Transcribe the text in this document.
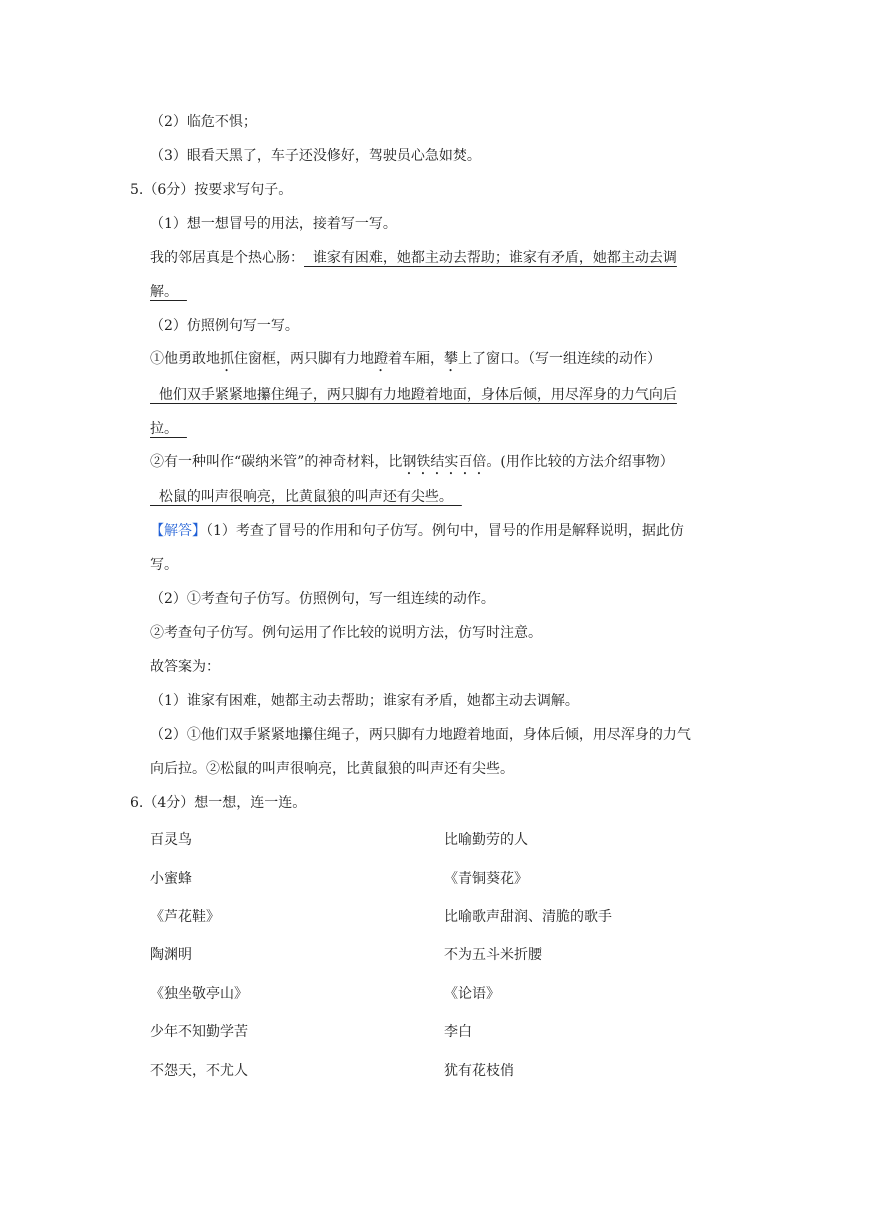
（2）临危不惧；
（3）眼看天黑了，车子还没修好，驾驶员心急如焚。
5.（6分）按要求写句子。
（1）想一想冒号的用法，接着写一写。
我的邻居真是个热心肠：  谁家有困难，她都主动去帮助；谁家有矛盾，她都主动去调
解。
（2）仿照例句写一写。
①他勇敢地抓住窗框，两只脚有力地蹬着车厢，攀上了窗口。（写一组连续的动作）
他们双手紧紧地攥住绳子，两只脚有力地蹬着地面，身体后倾，用尽浑身的力气向后
拉。
②有一种叫作“碳纳米管”的神奇材料，比钢铁结实百倍。(用作比较的方法介绍事物）
松鼠的叫声很响亮，比黄鼠狼的叫声还有尖些。
【解答】（1）考查了冒号的作用和句子仿写。例句中，冒号的作用是解释说明，据此仿
写。
（2）①考查句子仿写。仿照例句，写一组连续的动作。
②考查句子仿写。例句运用了作比较的说明方法，仿写时注意。
故答案为：
（1）谁家有困难，她都主动去帮助；谁家有矛盾，她都主动去调解。
（2）①他们双手紧紧地攥住绳子，两只脚有力地蹬着地面，身体后倾，用尽浑身的力气
向后拉。②松鼠的叫声很响亮，比黄鼠狼的叫声还有尖些。
6.（4分）想一想，连一连。
百灵鸟	比喻勤劳的人
小蜜蜂	《青铜葵花》
《芦花鞋》	比喻歌声甜润、清脆的歌手
陶渊明	不为五斗米折腰
《独坐敬亭山》	《论语》
少年不知勤学苦	李白
不怨天，不尤人	犹有花枝俏
